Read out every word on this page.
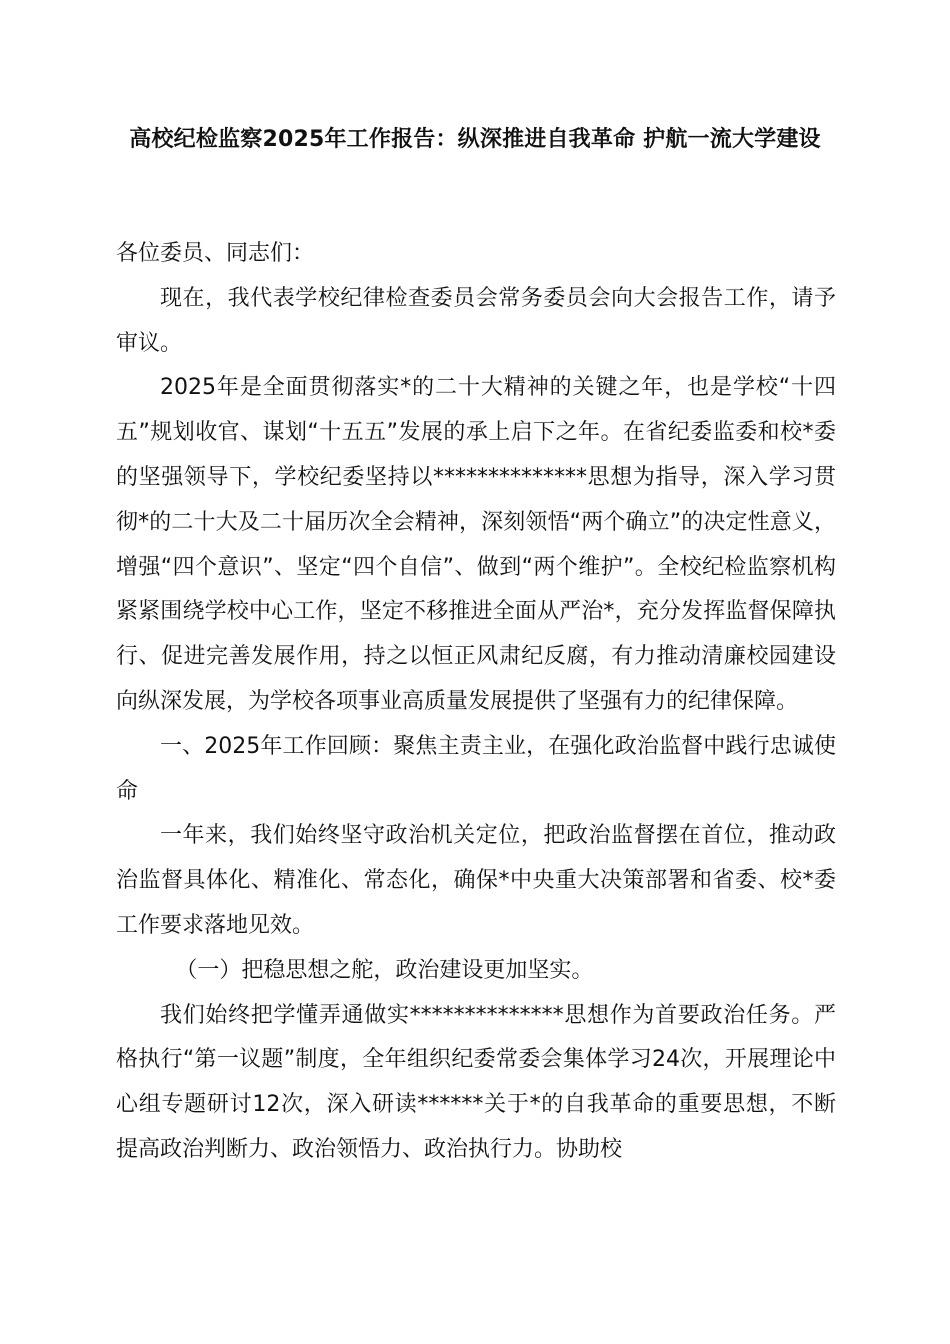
高校纪检监察2025年工作报告：纵深推进自我革命 护航一流大学建设

各位委员、同志们：

现在，我代表学校纪律检查委员会常务委员会向大会报告工作，请予审议。

2025年是全面贯彻落实*的二十大精神的关键之年，也是学校“十四五”规划收官、谋划“十五五”发展的承上启下之年。在省纪委监委和校*委的坚强领导下，学校纪委坚持以**************思想为指导，深入学习贯彻*的二十大及二十届历次全会精神，深刻领悟“两个确立”的决定性意义，增强“四个意识”、坚定“四个自信”、做到“两个维护”。全校纪检监察机构紧紧围绕学校中心工作，坚定不移推进全面从严治*，充分发挥监督保障执行、促进完善发展作用，持之以恒正风肃纪反腐，有力推动清廉校园建设向纵深发展，为学校各项事业高质量发展提供了坚强有力的纪律保障。

一、2025年工作回顾：聚焦主责主业，在强化政治监督中践行忠诚使命

一年来，我们始终坚守政治机关定位，把政治监督摆在首位，推动政治监督具体化、精准化、常态化，确保*中央重大决策部署和省委、校*委工作要求落地见效。

（一）把稳思想之舵，政治建设更加坚实。

我们始终把学懂弄通做实**************思想作为首要政治任务。严格执行“第一议题”制度，全年组织纪委常委会集体学习24次，开展理论中心组专题研讨12次，深入研读******关于*的自我革命的重要思想，不断提高政治判断力、政治领悟力、政治执行力。协助校
